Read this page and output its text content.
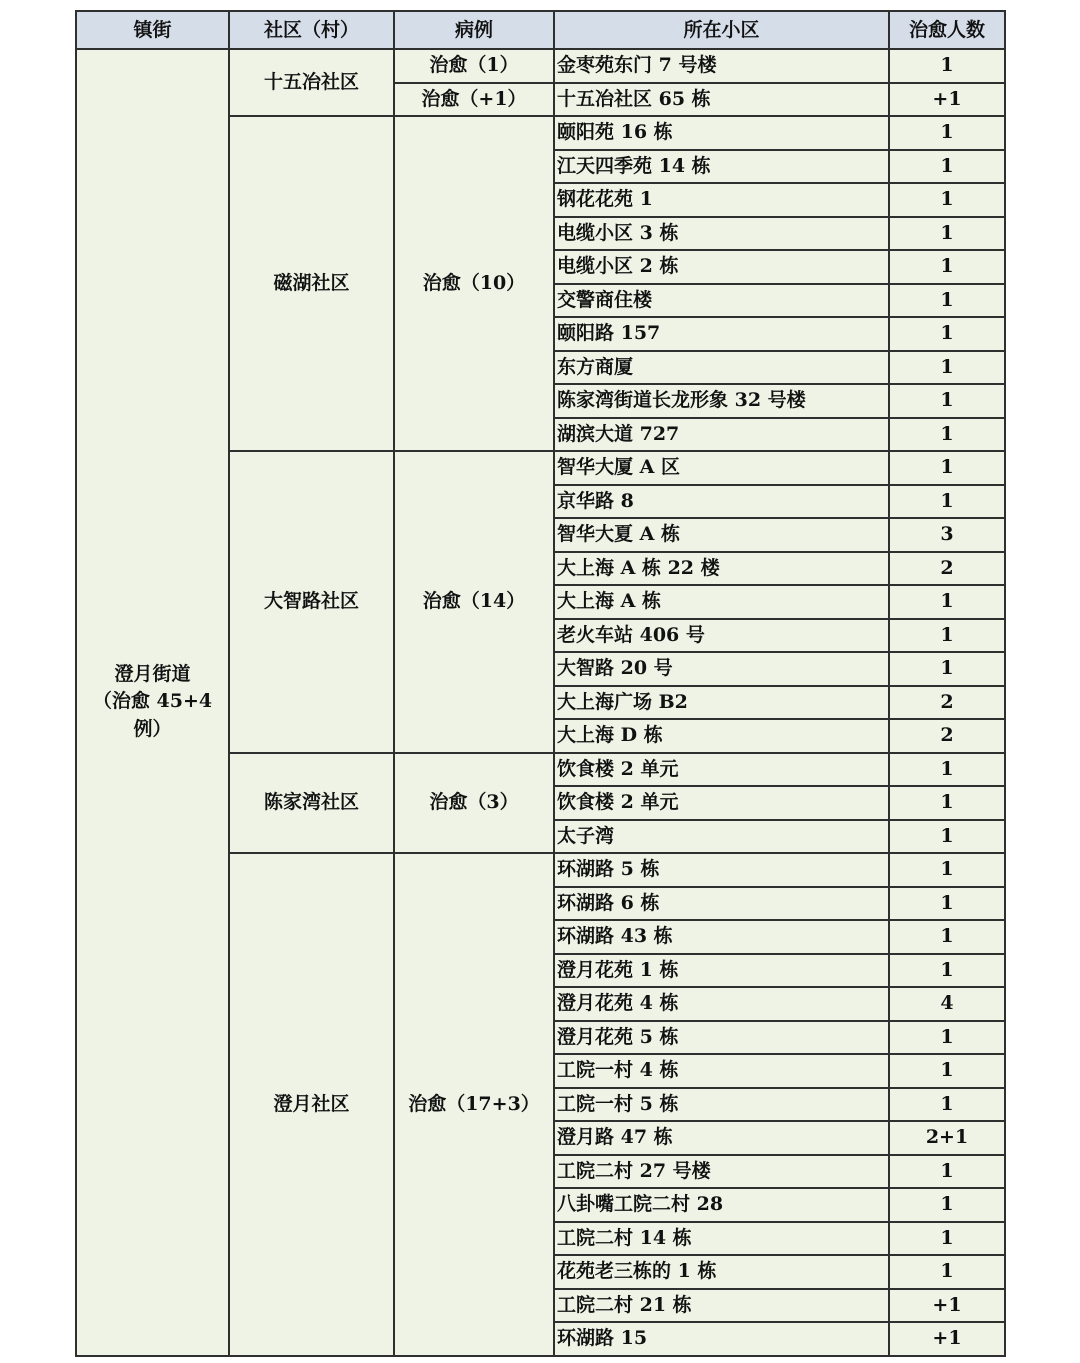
镇街	社区（村）	病例	所在小区	治愈人数

澄月街道
（治愈 45+4 例）	十五冶社区	治愈（1）	金枣苑东门 7 号楼	1
		治愈（+1）	十五冶社区 65 栋	+1
	磁湖社区	治愈（10）	颐阳苑 16 栋	1
			江天四季苑 14 栋	1
			钢花花苑 1	1
			电缆小区 3 栋	1
			电缆小区 2 栋	1
			交警商住楼	1
			颐阳路 157	1
			东方商厦	1
			陈家湾街道长龙形象 32 号楼	1
			湖滨大道 727	1
	大智路社区	治愈（14）	智华大厦 A 区	1
			京华路 8	1
			智华大夏 A 栋	3
			大上海 A 栋 22 楼	2
			大上海 A 栋	1
			老火车站 406 号	1
			大智路 20 号	1
			大上海广场 B2	2
			大上海 D 栋	2
	陈家湾社区	治愈（3）	饮食楼 2 单元	1
			饮食楼 2 单元	1
			太子湾	1
	澄月社区	治愈（17+3）	环湖路 5 栋	1
			环湖路 6 栋	1
			环湖路 43 栋	1
			澄月花苑 1 栋	1
			澄月花苑 4 栋	4
			澄月花苑 5 栋	1
			工院一村 4 栋	1
			工院一村 5 栋	1
			澄月路 47 栋	2+1
			工院二村 27 号楼	1
			八卦嘴工院二村 28	1
			工院二村 14 栋	1
			花苑老三栋的 1 栋	1
			工院二村 21 栋	+1
			环湖路 15	+1
